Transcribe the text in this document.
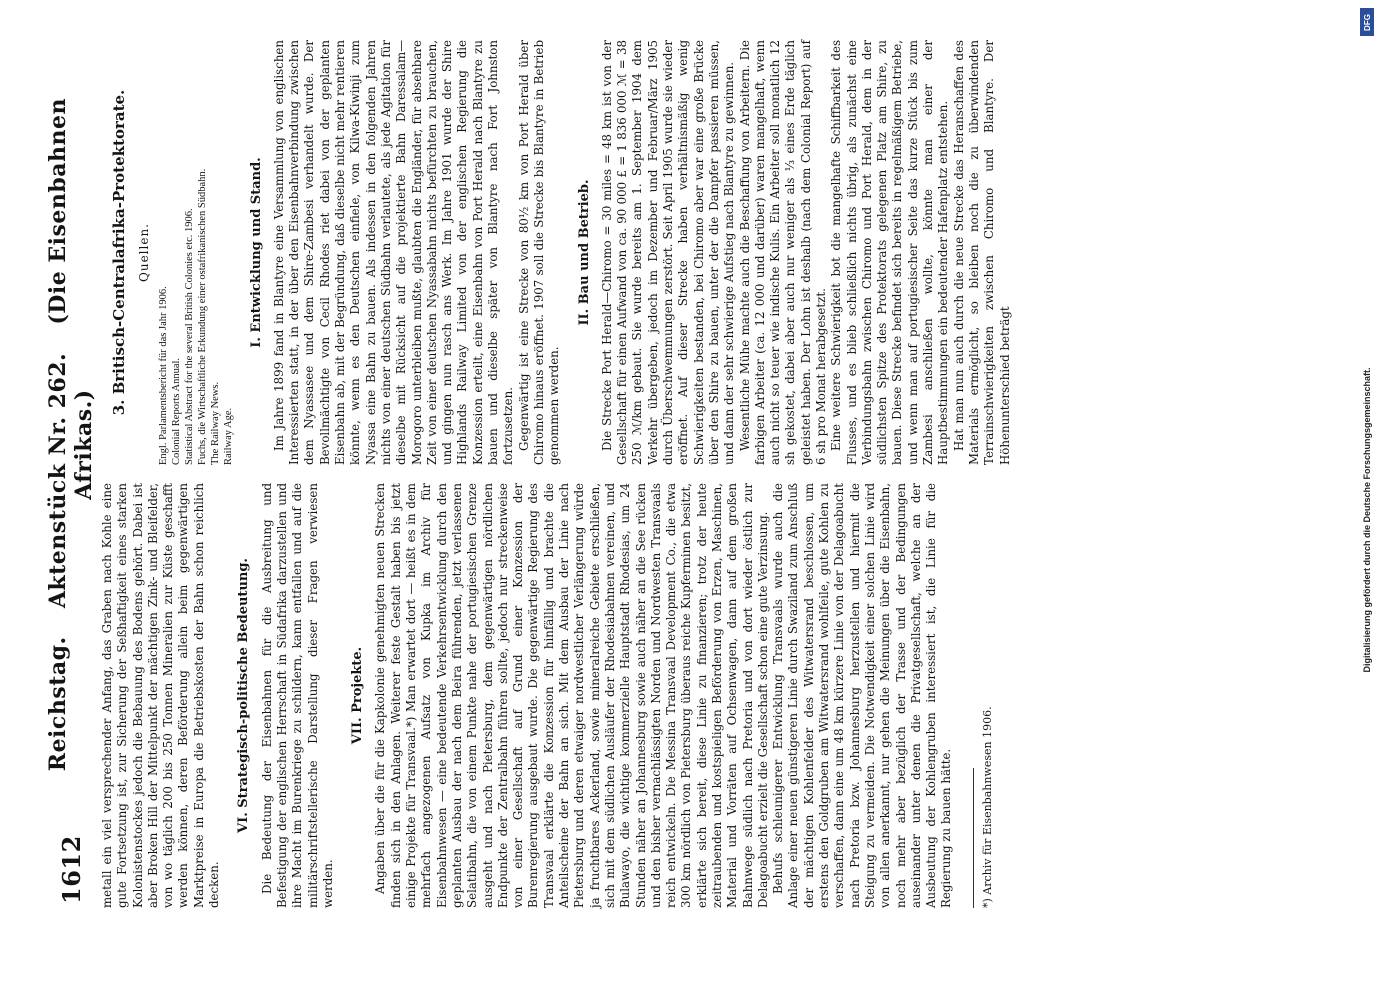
1612
Reichstag. Aktenstück Nr. 262. (Die Eisenbahnen Afrikas.)

metall ein viel versprechender Anfang, das Graben nach Kohle eine gute Fortsetzung ist, zur Sicherung der Seßhaftigkeit eines starken Kolonistenstockes jedoch die Bebauung des Bodens gehört. Dabei ist aber Broken Hill der Mittelpunkt der mächtigen Zink- und Bleifelder, von wo täglich 200 bis 250 Tonnen Mineralien zur Küste geschafft werden können, deren Beförderung allein beim gegenwärtigen Marktpreise in Europa die Betriebskosten der Bahn schon reichlich decken.

VI. Strategisch-politische Bedeutung. Die Bedeutung der Eisenbahnen für die Ausbreitung und Befestigung der englischen Herrschaft in Südafrika darzustellen und ihre Macht im Burenkriege zu schildern, kann entfallen und auf die militärschriftstellerische Darstellung dieser Fragen verwiesen werden.

VII. Projekte. Angaben über die für die Kapkolonie genehmigten neuen Strecken finden sich in den Anlagen. Weiterer feste Gestalt haben bis jetzt einige Projekte für Transvaal.*) Man erwartet dort — heißt es in dem mehrfach angezogenen Aufsatz von Kupka im Archiv für Eisenbahnwesen — eine bedeutende Verkehrsentwicklung durch den geplanten Ausbau der nach dem Beira führenden, jetzt verlassenen Selatibahn, die von einem Punkte nahe der portugiesischen Grenze ausgeht und nach Pietersburg, dem gegenwärtigen nördlichen Endpunkte der Zentralbahn führen sollte, jedoch nur streckenweise von einer Gesellschaft auf Grund einer Konzession der Burenregierung ausgebaut wurde. Die gegenwärtige Regierung des Transvaal erklärte die Konzession für hinfällig und brachte die Anteilscheine der Bahn an sich. Mit dem Ausbau der Linie nach Pietersburg und deren etwaiger nordwestlicher Verlängerung würde ja fruchtbares Ackerland, sowie mineralreiche Gebiete erschließen, sich mit dem südlichen Ausläufer der Rhodesiabahnen vereinen, und Bulawayo, die wichtige kommerzielle Hauptstadt Rhodesias, um 24 Stunden näher an Johannesburg sowie auch näher an die See rücken und den bisher vernachlässigten Norden und Nordwesten Transvaals reich entwickeln. Die Messina Transvaal Development Co., die etwa 300 km nördlich von Pietersburg überaus reiche Kupferminen besitzt, erklärte sich bereit, diese Linie zu finanzieren; trotz der heute zeitraubenden und kostspieligen Beförderung von Erzen, Maschinen, Material und Vorräten auf Ochsenwagen, dann auf dem großen Bahnwege südlich nach Pretoria und von dort wieder östlich zur Delagoabucht erzielt die Gesellschaft schon eine gute Verzinsung. Behufs schleunigerer Entwicklung Transvaals wurde auch die Anlage einer neuen günstigeren Linie durch Swaziland zum Anschluß der mächtigen Kohlenfelder des Witwatersrand beschlossen, um erstens den Goldgruben am Witwatersrand wohlfeile, gute Kohlen zu verschaffen, dann eine um 48 km kürzere Linie von der Delagoabucht nach Pretoria bzw. Johannesburg herzustellen und hiermit die Steigung zu vermeiden. Die Notwendigkeit einer solchen Linie wird von allen anerkannt, nur gehen die Meinungen über die Eisenbahn, noch mehr aber bezüglich der Trasse und der Bedingungen auseinander unter denen die Privatgesellschaft, welche an der Ausbeutung der Kohlengruben interessiert ist, die Linie für die Regierung zu bauen hätte. *) Archiv für Eisenbahnwesen 1906.

3. Britisch-Centralafrika-Protektorate. Quellen.
Engl. Parlamentsbericht für das Jahr 1906. Colonial Reports Annual. Statistical Abstract for the several British Colonies etc. 1906. Fuchs, die Wirtschaftliche Erkundung einer ostafrikanischen Südbahn. The Railway News. Railway Age.
I. Entwicklung und Stand. Im Jahre 1899 fand in Blantyre eine Versammlung von englischen Interessierten statt, in der über den Eisenbahnverbindung zwischen dem Nyassasee und dem Shire-Zambesi verhandelt wurde. Der Bevollmächtigte von Cecil Rhodes riet dabei von der geplanten Eisenbahn ab, mit der Begründung, daß dieselbe nicht mehr rentieren könnte, wenn es den Deutschen einfiele, von Kilwa-Kiwinji zum Nyassa eine Bahn zu bauen. Als indessen in den folgenden Jahren nichts von einer deutschen Südbahn verlautete, als jede Agitation für dieselbe mit Rücksicht auf die projektierte Bahn Daressalam—Morogoro unterbleiben mußte, glaubten die Engländer, für absehbare Zeit von einer deutschen Nyassabahn nichts befürchten zu brauchen, und gingen nun rasch ans Werk. Im Jahre 1901 wurde der Shire Highlands Railway Limited von der englischen Regierung die Konzession erteilt, eine Eisenbahn von Port Herald nach Blantyre zu bauen und dieselbe später von Blantyre nach Fort Johnston fortzusetzen. Gegenwärtig ist eine Strecke von 80½ km von Port Herald über Chiromo hinaus eröffnet. 1907 soll die Strecke bis Blantyre in Betrieb genommen werden.

II. Bau und Betrieb. Die Strecke Port Herald—Chiromo = 30 miles = 48 km ist von der Gesellschaft für einen Aufwand von ca. 90 000 £ = 1 836 000 ℳ = 38 250 ℳ/km gebaut. Sie wurde bereits am 1. September 1904 dem Verkehr übergeben, jedoch im Dezember und Februar/März 1905 durch Überschwemmungen zerstört. Seit April 1905 wurde sie wieder eröffnet. Auf dieser Strecke haben verhältnismäßig wenig Schwierigkeiten bestanden, bei Chiromo aber war eine große Brücke über den Shire zu bauen, unter der die Dampfer passieren müssen, und dann der sehr schwierige Aufstieg nach Blantyre zu gewinnen. Wesentliche Mühe machte auch die Beschaffung von Arbeitern. Die farbigen Arbeiter (ca. 12 000 und darüber) waren mangelhaft, wenn auch nicht so teuer wie indische Kulis. Ein Arbeiter soll monatlich 12 sh gekostet, dabei aber auch nur weniger als ⅓ eines Erde täglich geleistet haben. Der Lohn ist deshalb (nach dem Colonial Report) auf 6 sh pro Monat herabgesetzt. Eine weitere Schwierigkeit bot die mangelhafte Schiffbarkeit des Flusses, und es blieb schließlich nichts übrig, als zunächst eine Verbindungsbahn zwischen Chiromo und Port Herald, dem in der südlichsten Spitze des Protektorats gelegenen Platz am Shire, zu bauen. Diese Strecke befindet sich bereits in regelmäßigem Betriebe, und wenn man auf portugiesischer Seite das kurze Stück bis zum Zambesi anschließen wollte, könnte man einer der Hauptbestimmungen ein bedeutender Hafenplatz entstehen. Hat man nun auch durch die neue Strecke das Heranschaffen des Materials ermöglicht, so bleiben noch die zu überwindenden Terrainschwierigkeiten zwischen Chiromo und Blantyre. Der Höhenunterschied beträgt

DFG
Digitalisierung gefördert durch die Deutsche Forschungsgemeinschaft.
